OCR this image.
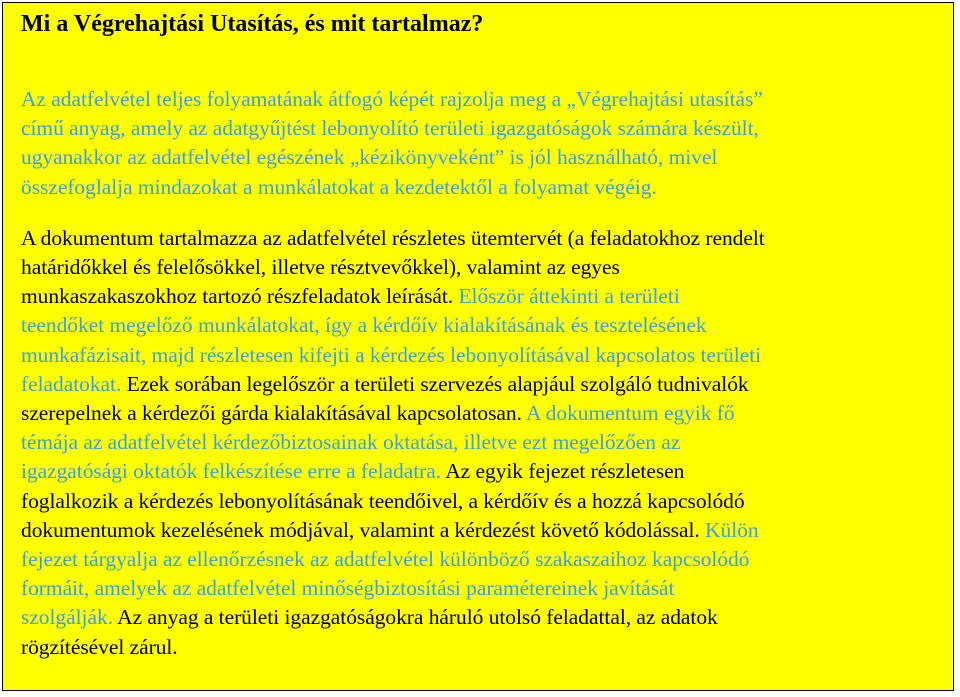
Mi a Végrehajtási Utasítás, és mit tartalmaz?

Az adatfelvétel teljes folyamatának átfogó képét rajzolja meg a „Végrehajtási utasítás”
című anyag, amely az adatgyűjtést lebonyolító területi igazgatóságok számára készült,
ugyanakkor az adatfelvétel egészének „kézikönyveként” is jól használható, mivel
összefoglalja mindazokat a munkálatokat a kezdetektől a folyamat végéig.

A dokumentum tartalmazza az adatfelvétel részletes ütemtervét (a feladatokhoz rendelt
határidőkkel és felelősökkel, illetve résztvevőkkel), valamint az egyes
munkaszakaszokhoz tartozó részfeladatok leírását. Először áttekinti a területi
teendőket megelőző munkálatokat, így a kérdőív kialakításának és tesztelésének
munkafázisait, majd részletesen kifejti a kérdezés lebonyolításával kapcsolatos területi
feladatokat. Ezek sorában legelőször a területi szervezés alapjául szolgáló tudnivalók
szerepelnek a kérdezői gárda kialakításával kapcsolatosan. A dokumentum egyik fő
témája az adatfelvétel kérdezőbiztosainak oktatása, illetve ezt megelőzően az
igazgatósági oktatók felkészítése erre a feladatra. Az egyik fejezet részletesen
foglalkozik a kérdezés lebonyolításának teendőivel, a kérdőív és a hozzá kapcsolódó
dokumentumok kezelésének módjával, valamint a kérdezést követő kódolással. Külön
fejezet tárgyalja az ellenőrzésnek az adatfelvétel különböző szakaszaihoz kapcsolódó
formáit, amelyek az adatfelvétel minőségbiztosítási paramétereinek javítását
szolgálják. Az anyag a területi igazgatóságokra háruló utolsó feladattal, az adatok
rögzítésével zárul.
